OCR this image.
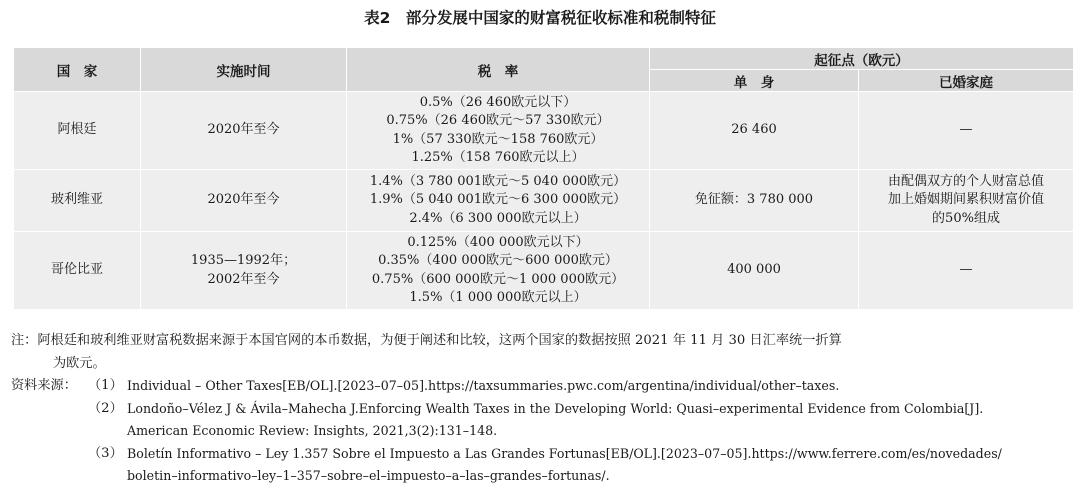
表2　部分发展中国家的财富税征收标准和税制特征
国　家	实施时间	税　率	起征点（欧元）	
			单　身	已婚家庭

阿根廷	2020年至今	0.5%（26 460欧元以下）
0.75%（26 460欧元～57 330欧元）
1%（57 330欧元～158 760欧元）
1.25%（158 760欧元以上）	26 460	—

玻利维亚	2020年至今	1.4%（3 780 001欧元～5 040 000欧元）
1.9%（5 040 001欧元～6 300 000欧元）
2.4%（6 300 000欧元以上）	免征额：3 780 000	由配偶双方的个人财富总值
加上婚姻期间累积财富价值
的50%组成

哥伦比亚	1935—1992年；
2002年至今	0.125%（400 000欧元以下）
0.35%（400 000欧元～600 000欧元）
0.75%（600 000欧元～1 000 000欧元）
1.5%（1 000 000欧元以上）	400 000	—
注：阿根廷和玻利维亚财富税数据来源于本国官网的本币数据，为便于阐述和比较，这两个国家的数据按照 2021 年 11 月 30 日汇率统一折算
为欧元。
资料来源： （1） Individual – Other Taxes[EB/OL].[2023–07–05].https://taxsummaries.pwc.com/argentina/individual/other–taxes.
（2） Londoño–Vélez J & Ávila–Mahecha J.Enforcing Wealth Taxes in the Developing World: Quasi–experimental Evidence from Colombia[J].
American Economic Review: Insights, 2021,3(2):131–148.
（3） Boletín Informativo – Ley 1.357 Sobre el Impuesto a Las Grandes Fortunas[EB/OL].[2023–07–05].https://www.ferrere.com/es/novedades/
boletin–informativo–ley–1–357–sobre–el–impuesto–a–las–grandes–fortunas/.
